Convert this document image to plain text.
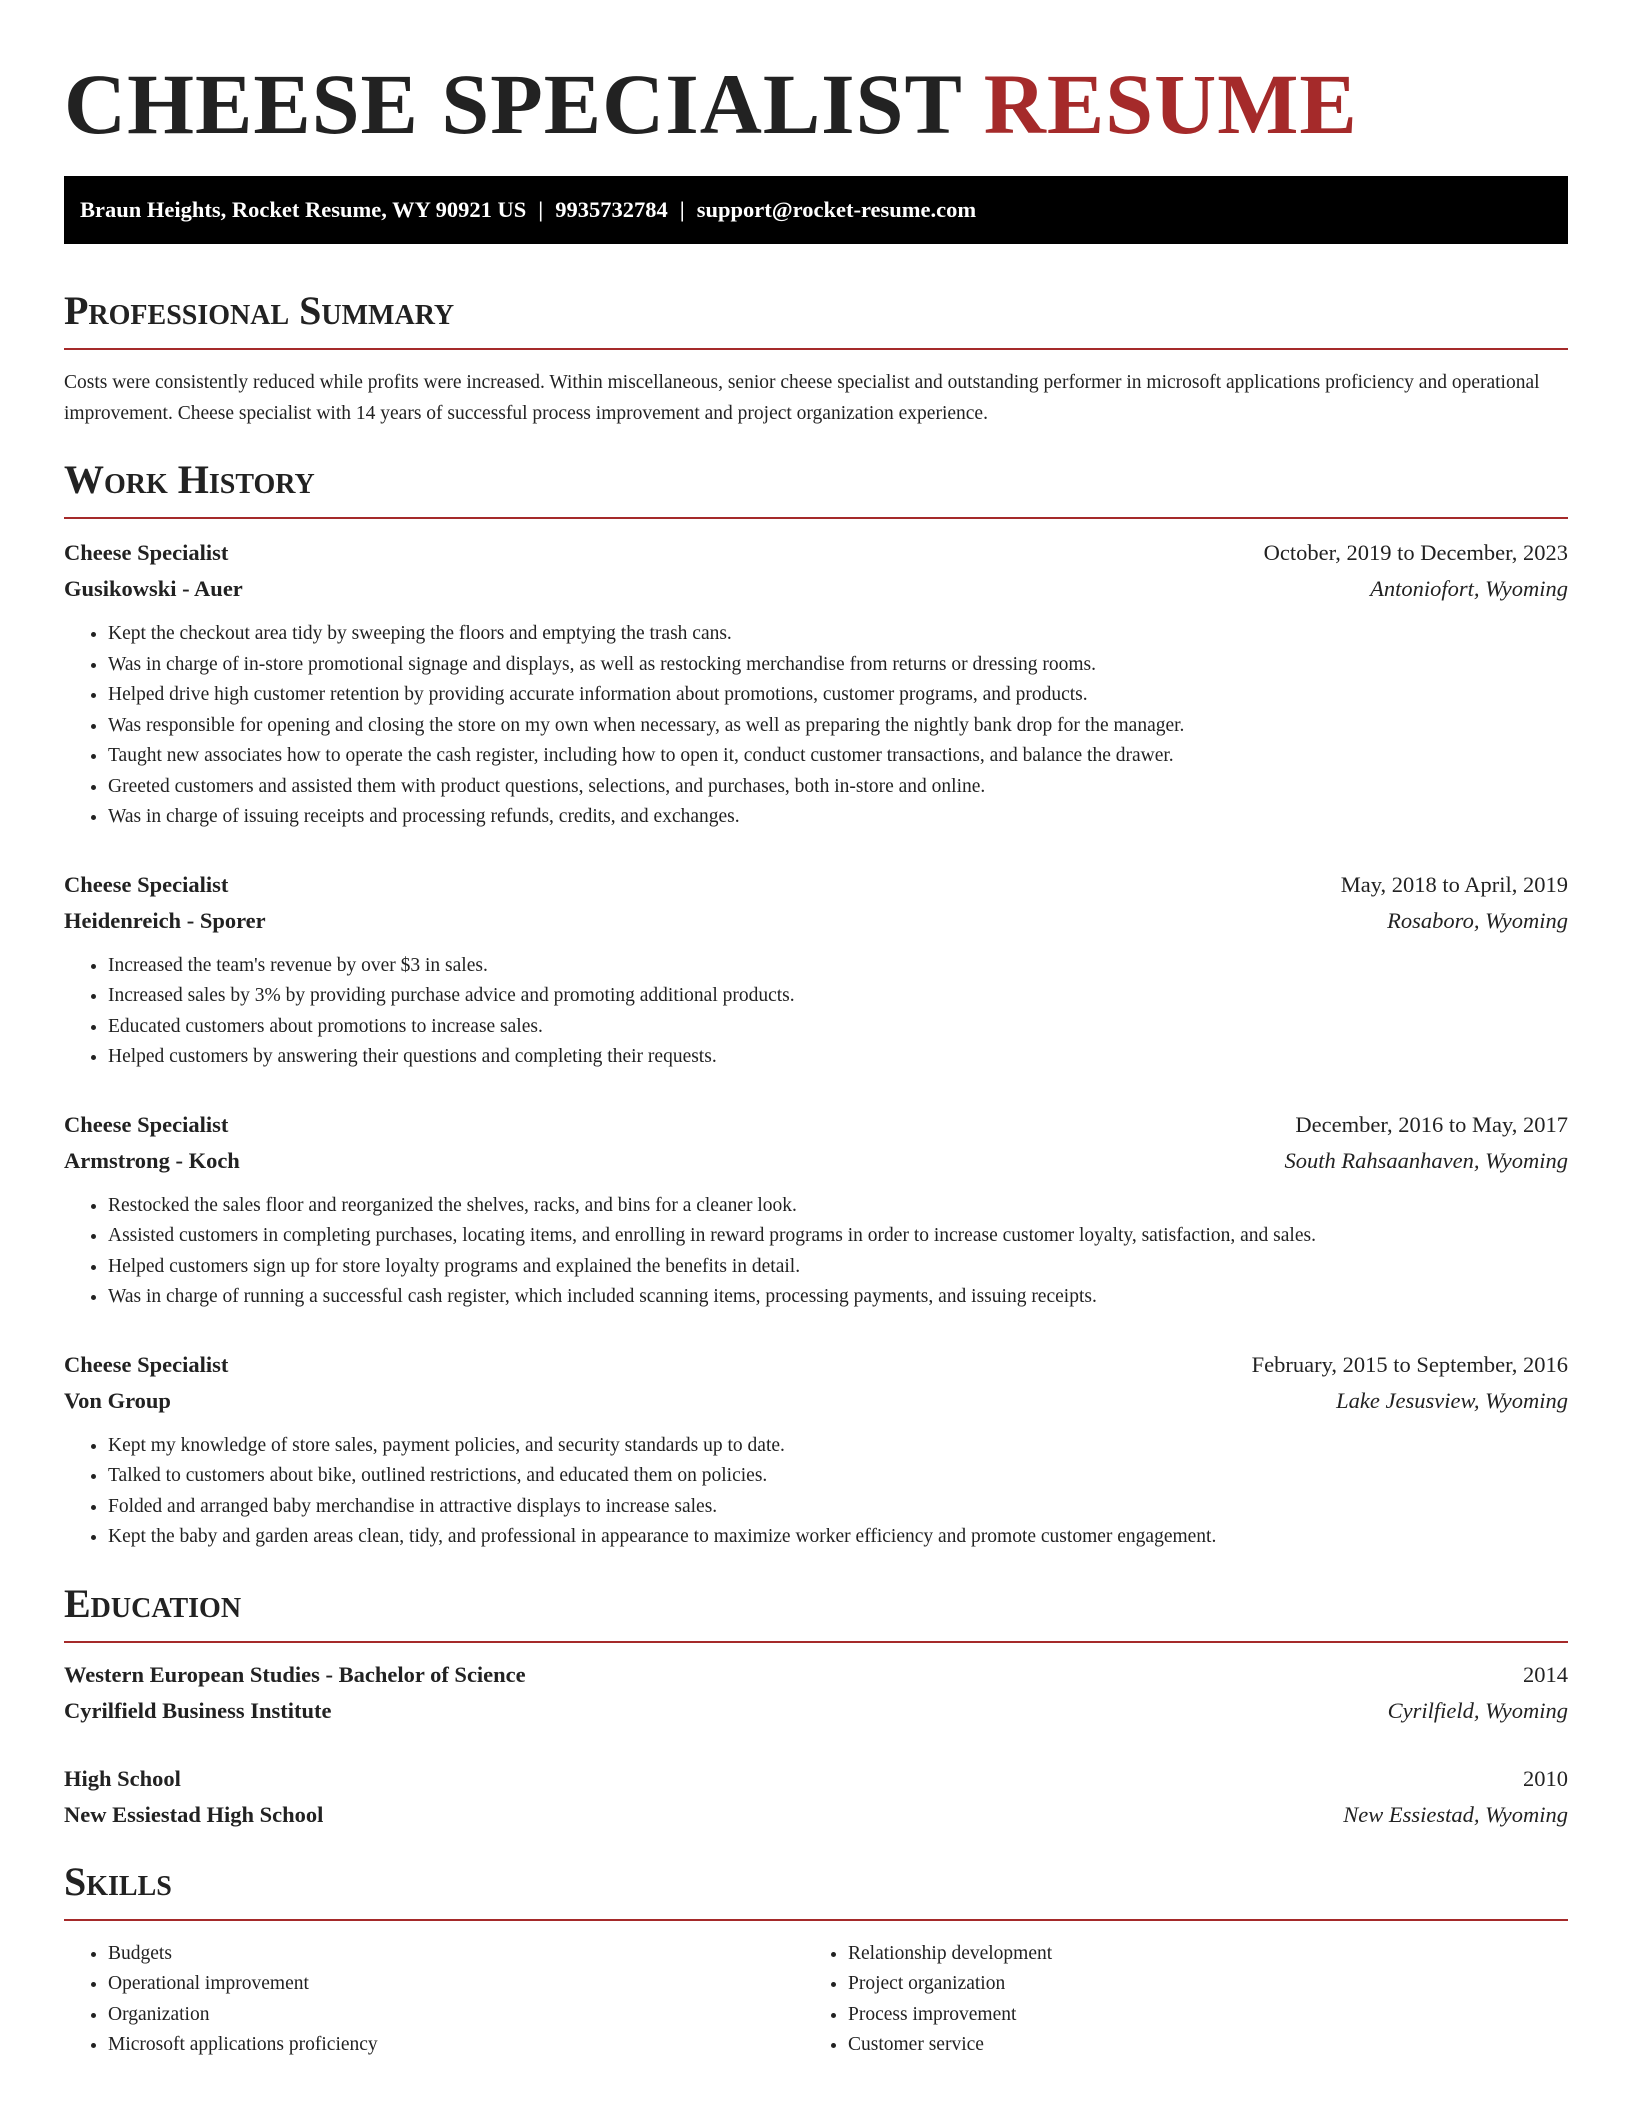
CHEESE SPECIALIST RESUME
Braun Heights, Rocket Resume, WY 90921 US | 9935732784 | support@rocket-resume.com
Professional Summary

Costs were consistently reduced while profits were increased. Within miscellaneous, senior cheese specialist and outstanding performer in microsoft applications proficiency and operational improvement. Cheese specialist with 14 years of successful process improvement and project organization experience.

Work History
Cheese Specialist	October, 2019 to December, 2023
Gusikowski - Auer	Antoniofort, Wyoming
• Kept the checkout area tidy by sweeping the floors and emptying the trash cans.
• Was in charge of in-store promotional signage and displays, as well as restocking merchandise from returns or dressing rooms.
• Helped drive high customer retention by providing accurate information about promotions, customer programs, and products.
• Was responsible for opening and closing the store on my own when necessary, as well as preparing the nightly bank drop for the manager.
• Taught new associates how to operate the cash register, including how to open it, conduct customer transactions, and balance the drawer.
• Greeted customers and assisted them with product questions, selections, and purchases, both in-store and online.
• Was in charge of issuing receipts and processing refunds, credits, and exchanges.
Cheese Specialist	May, 2018 to April, 2019
Heidenreich - Sporer	Rosaboro, Wyoming
• Increased the team's revenue by over $3 in sales.
• Increased sales by 3% by providing purchase advice and promoting additional products.
• Educated customers about promotions to increase sales.
• Helped customers by answering their questions and completing their requests.
Cheese Specialist	December, 2016 to May, 2017
Armstrong - Koch	South Rahsaanhaven, Wyoming
• Restocked the sales floor and reorganized the shelves, racks, and bins for a cleaner look.
• Assisted customers in completing purchases, locating items, and enrolling in reward programs in order to increase customer loyalty, satisfaction, and sales.
• Helped customers sign up for store loyalty programs and explained the benefits in detail.
• Was in charge of running a successful cash register, which included scanning items, processing payments, and issuing receipts.
Cheese Specialist	February, 2015 to September, 2016
Von Group	Lake Jesusview, Wyoming
• Kept my knowledge of store sales, payment policies, and security standards up to date.
• Talked to customers about bike, outlined restrictions, and educated them on policies.
• Folded and arranged baby merchandise in attractive displays to increase sales.
• Kept the baby and garden areas clean, tidy, and professional in appearance to maximize worker efficiency and promote customer engagement.
Education
Western European Studies - Bachelor of Science	2014
Cyrilfield Business Institute	Cyrilfield, Wyoming
High School	2010
New Essiestad High School	New Essiestad, Wyoming
Skills
• Budgets
• Operational improvement
• Organization
• Microsoft applications proficiency
• Relationship development
• Project organization
• Process improvement
• Customer service
